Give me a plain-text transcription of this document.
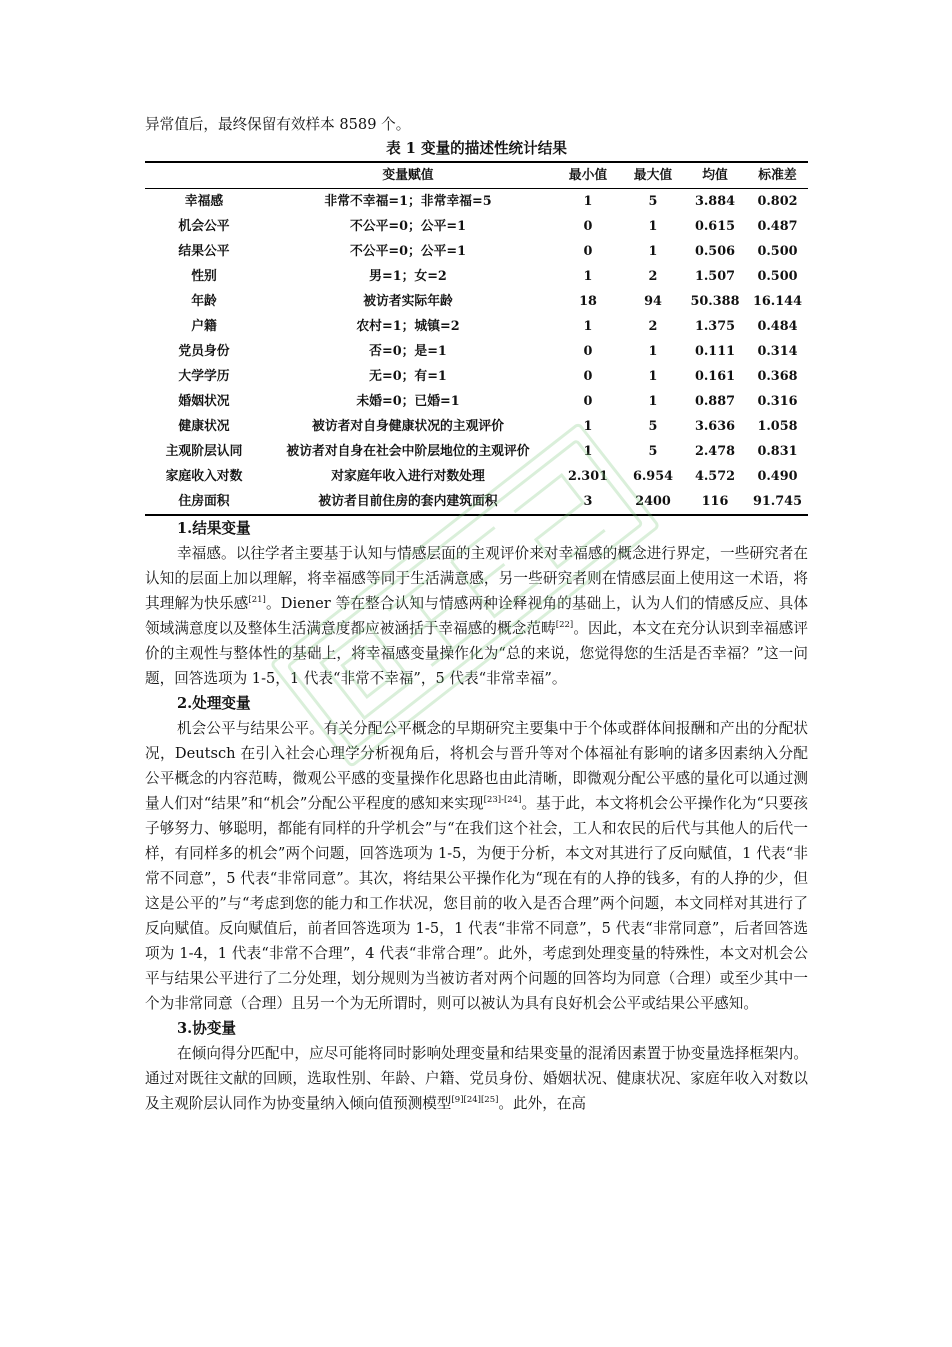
异常值后，最终保留有效样本 8589 个。

表 1 变量的描述性统计结果

	变量赋值	最小值	最大值	均值	标准差
幸福感	非常不幸福=1；非常幸福=5	1	5	3.884	0.802
机会公平	不公平=0；公平=1	0	1	0.615	0.487
结果公平	不公平=0；公平=1	0	1	0.506	0.500
性别	男=1；女=2	1	2	1.507	0.500
年龄	被访者实际年龄	18	94	50.388	16.144
户籍	农村=1；城镇=2	1	2	1.375	0.484
党员身份	否=0；是=1	0	1	0.111	0.314
大学学历	无=0；有=1	0	1	0.161	0.368
婚姻状况	未婚=0；已婚=1	0	1	0.887	0.316
健康状况	被访者对自身健康状况的主观评价	1	5	3.636	1.058
主观阶层认同	被访者对自身在社会中阶层地位的主观评价	1	5	2.478	0.831
家庭收入对数	对家庭年收入进行对数处理	2.301	6.954	4.572	0.490
住房面积	被访者目前住房的套内建筑面积	3	2400	116	91.745

1.结果变量

幸福感。以往学者主要基于认知与情感层面的主观评价来对幸福感的概念进行界定，一些研究者在认知的层面上加以理解，将幸福感等同于生活满意感，另一些研究者则在情感层面上使用这一术语，将其理解为快乐感[21]。Diener 等在整合认知与情感两种诠释视角的基础上，认为人们的情感反应、具体领域满意度以及整体生活满意度都应被涵括于幸福感的概念范畴[22]。因此，本文在充分认识到幸福感评价的主观性与整体性的基础上，将幸福感变量操作化为“总的来说，您觉得您的生活是否幸福？”这一问题，回答选项为 1-5，1 代表“非常不幸福”，5 代表“非常幸福”。

2.处理变量

机会公平与结果公平。有关分配公平概念的早期研究主要集中于个体或群体间报酬和产出的分配状况，Deutsch 在引入社会心理学分析视角后，将机会与晋升等对个体福祉有影响的诸多因素纳入分配公平概念的内容范畴，微观公平感的变量操作化思路也由此清晰，即微观分配公平感的量化可以通过测量人们对“结果”和“机会”分配公平程度的感知来实现[23]-[24]。基于此，本文将机会公平操作化为“只要孩子够努力、够聪明，都能有同样的升学机会”与“在我们这个社会，工人和农民的后代与其他人的后代一样，有同样多的机会”两个问题，回答选项为 1-5，为便于分析，本文对其进行了反向赋值，1 代表“非常不同意”，5 代表“非常同意”。其次，将结果公平操作化为“现在有的人挣的钱多，有的人挣的少，但这是公平的”与“考虑到您的能力和工作状况，您目前的收入是否合理”两个问题，本文同样对其进行了反向赋值。反向赋值后，前者回答选项为 1-5，1 代表“非常不同意”，5 代表“非常同意”，后者回答选项为 1-4，1 代表“非常不合理”，4 代表“非常合理”。此外，考虑到处理变量的特殊性，本文对机会公平与结果公平进行了二分处理，划分规则为当被访者对两个问题的回答均为同意（合理）或至少其中一个为非常同意（合理）且另一个为无所谓时，则可以被认为具有良好机会公平或结果公平感知。

3.协变量

在倾向得分匹配中，应尽可能将同时影响处理变量和结果变量的混淆因素置于协变量选择框架内。通过对既往文献的回顾，选取性别、年龄、户籍、党员身份、婚姻状况、健康状况、家庭年收入对数以及主观阶层认同作为协变量纳入倾向值预测模型[9][24][25]。此外，在高
